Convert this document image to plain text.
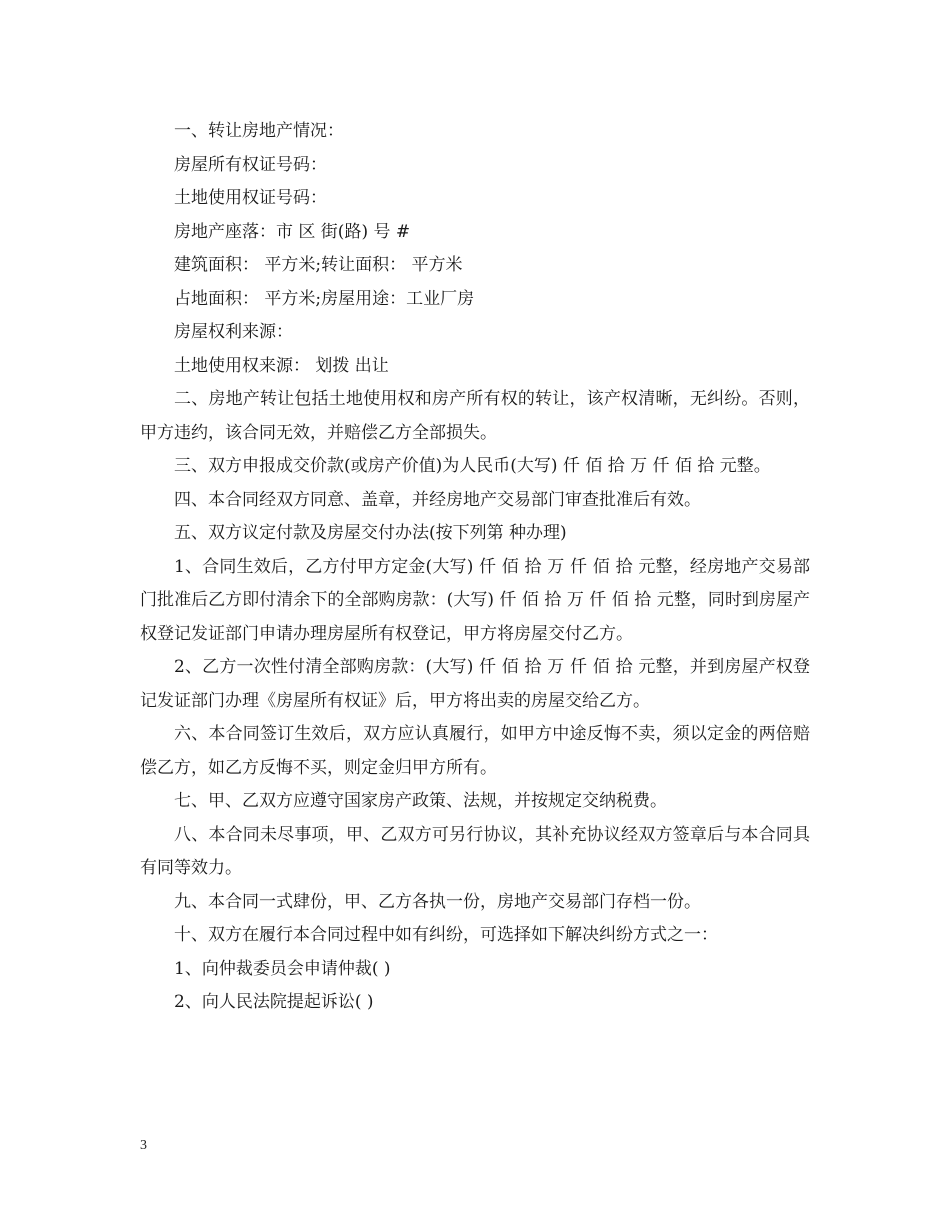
一、转让房地产情况：

房屋所有权证号码：

土地使用权证号码：

房地产座落：市 区 街(路) 号 #

建筑面积： 平方米;转让面积： 平方米

占地面积： 平方米;房屋用途：工业厂房

房屋权利来源：

土地使用权来源： 划拨 出让

二、房地产转让包括土地使用权和房产所有权的转让，该产权清晰，无纠纷。否则，甲方违约，该合同无效，并赔偿乙方全部损失。

三、双方申报成交价款(或房产价值)为人民币(大写) 仟 佰 拾 万 仟 佰 拾 元整。

四、本合同经双方同意、盖章，并经房地产交易部门审查批准后有效。

五、双方议定付款及房屋交付办法(按下列第 种办理)

1、合同生效后，乙方付甲方定金(大写) 仟 佰 拾 万 仟 佰 拾 元整，经房地产交易部门批准后乙方即付清余下的全部购房款：(大写) 仟 佰 拾 万 仟 佰 拾 元整，同时到房屋产权登记发证部门申请办理房屋所有权登记，甲方将房屋交付乙方。

2、乙方一次性付清全部购房款：(大写) 仟 佰 拾 万 仟 佰 拾 元整，并到房屋产权登记发证部门办理《房屋所有权证》后，甲方将出卖的房屋交给乙方。

六、本合同签订生效后，双方应认真履行，如甲方中途反悔不卖，须以定金的两倍赔偿乙方，如乙方反悔不买，则定金归甲方所有。

七、甲、乙双方应遵守国家房产政策、法规，并按规定交纳税费。

八、本合同未尽事项，甲、乙双方可另行协议，其补充协议经双方签章后与本合同具有同等效力。

九、本合同一式肆份，甲、乙方各执一份，房地产交易部门存档一份。

十、双方在履行本合同过程中如有纠纷，可选择如下解决纠纷方式之一：

1、向仲裁委员会申请仲裁( )

2、向人民法院提起诉讼( )

3
